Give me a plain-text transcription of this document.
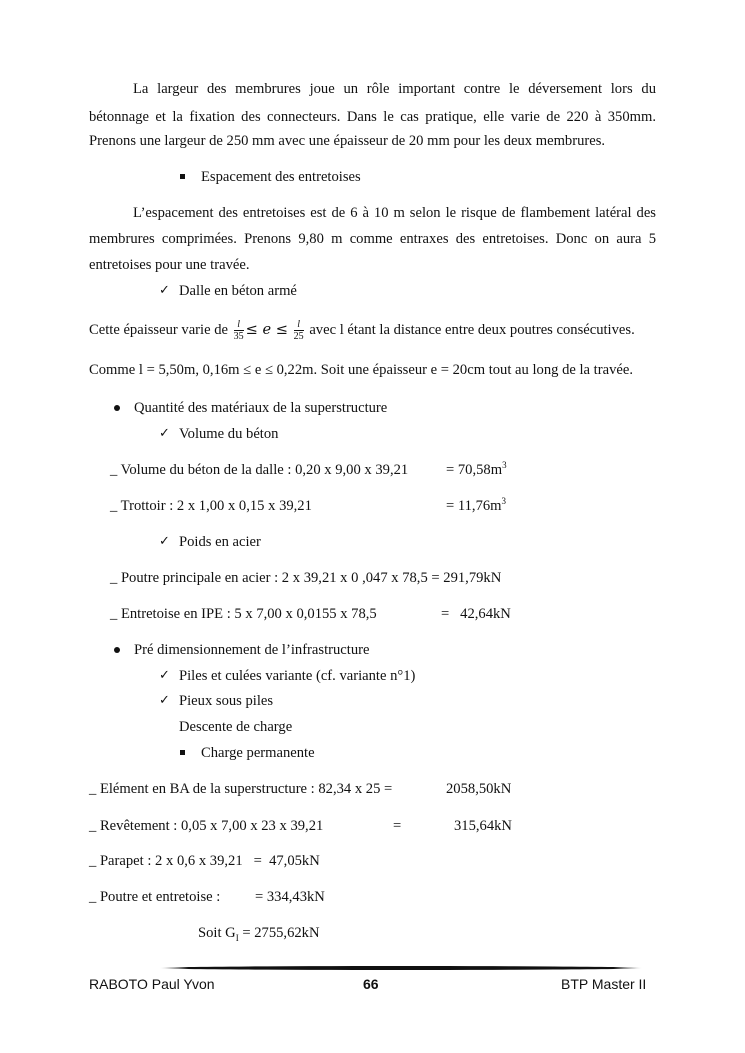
La largeur des membrures joue un rôle important contre le déversement lors du
bétonnage et la fixation des connecteurs. Dans le cas pratique, elle varie de 220 à 350mm.
Prenons une largeur de 250 mm avec une épaisseur de 20 mm pour les deux membrures.
Espacement des entretoises
L’espacement des entretoises est de 6 à 10 m selon le risque de flambement latéral des
membrures comprimées. Prenons 9,80 m comme entraxes des entretoises. Donc on aura 5
entretoises pour une travée.
✓ Dalle en béton armé
Cette épaisseur varie de $\frac{l}{35} \le e \le \frac{l}{25}$ avec l étant la distance entre deux poutres consécutives.
Comme l = 5,50m, 0,16m ≤ e ≤ 0,22m. Soit une épaisseur e = 20cm tout au long de la travée.
Quantité des matériaux de la superstructure
✓ Volume du béton
_ Volume du béton de la dalle : 0,20 x 9,00 x 39,21	= $70,58m^3$
_ Trottoir : 2 x 1,00 x 0,15 x 39,21	= $11,76m^3$
✓ Poids en acier
_ Poutre principale en acier : 2 x 39,21 x 0 ,047 x 78,5 = 291,79kN
_ Entretoise en IPE : 5 x 7,00 x 0,0155 x 78,5	=   42,64kN
Pré dimensionnement de l’infrastructure
✓ Piles et culées variante (cf. variante n°1)
✓ Pieux sous piles
Descente de charge
Charge permanente
_ Elément en BA de la superstructure : 82,34 x 25 =	2058,50kN
_ Revêtement : 0,05 x 7,00 x 23 x 39,21	=	315,64kN
_ Parapet : 2 x 0,6 x 39,21   =  47,05kN
_ Poutre et entretoise : = 334,43kN
Soit $G_I = 2755,62kN$
RABOTO Paul Yvon	66	BTP Master II
